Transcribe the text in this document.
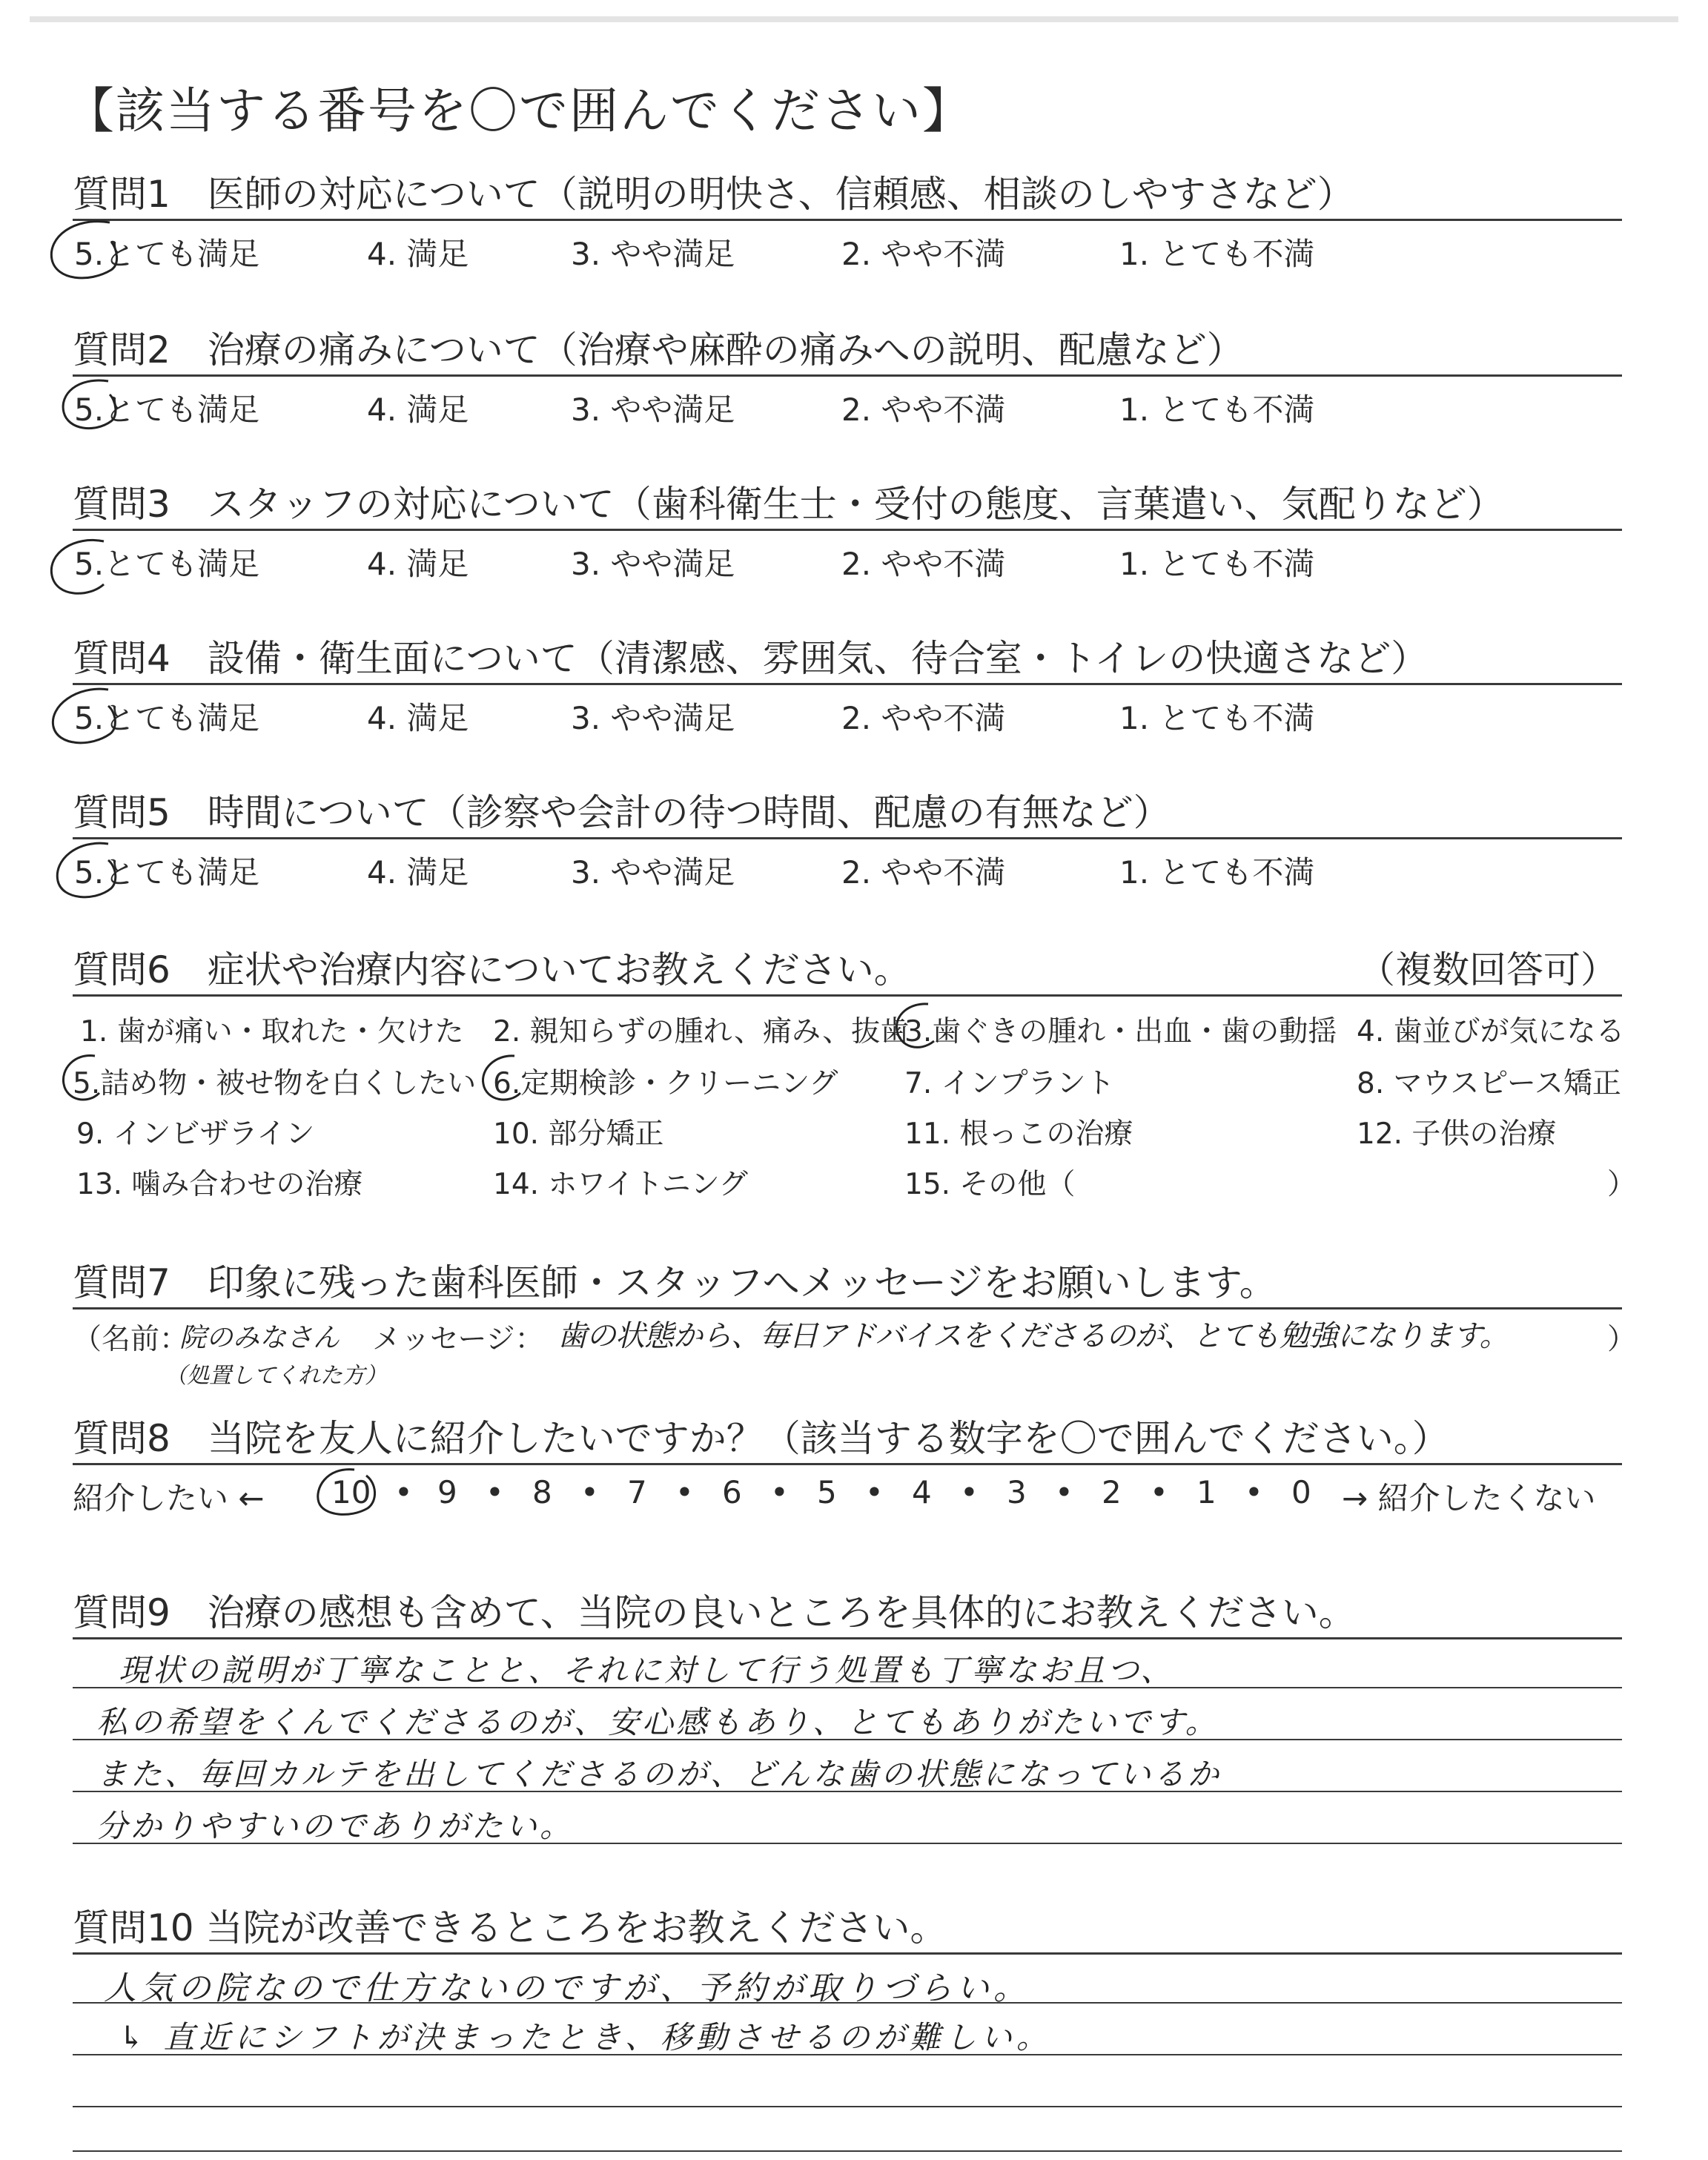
【該当する番号を〇で囲んでください】
質問1　医師の対応について（説明の明快さ、信頼感、相談のしやすさなど）
5.とても満足	4. 満足	3. やや満足	2. やや不満	1. とても不満
質問2　治療の痛みについて（治療や麻酔の痛みへの説明、配慮など）
5.とても満足	4. 満足	3. やや満足	2. やや不満	1. とても不満
質問3　スタッフの対応について（歯科衛生士・受付の態度、言葉遣い、気配りなど）
5.とても満足	4. 満足	3. やや満足	2. やや不満	1. とても不満
質問4　設備・衛生面について（清潔感、雰囲気、待合室・トイレの快適さなど）
5.とても満足	4. 満足	3. やや満足	2. やや不満	1. とても不満
質問5　時間について（診察や会計の待つ時間、配慮の有無など）
5.とても満足	4. 満足	3. やや満足	2. やや不満	1. とても不満
質問6　症状や治療内容についてお教えください。	（複数回答可）
1. 歯が痛い・取れた・欠けた 2. 親知らずの腫れ、痛み、抜歯
3.歯ぐきの腫れ・出血・歯の動揺 4. 歯並びが気になる
5.詰め物・被せ物を白くしたい 6.定期検診・クリーニング 7. インプラント	8. マウスピース矯正
9. インビザライン	10. 部分矯正	11. 根っこの治療	12. 子供の治療
13. 噛み合わせの治療	14. ホワイトニング	15. その他（	）
質問7　印象に残った歯科医師・スタッフへメッセージをお願いします。
（名前：
院のみなさん
（処置してくれた方）
メッセージ： 歯の状態から、毎日アドバイスをくださるのが、とても勉強になります。	）
質問8　当院を友人に紹介したいですか？（該当する数字を〇で囲んでください。）
紹介したい ← 10 • 9 • 8 • 7 • 6 • 5 • 4 • 3 • 2 • 1 • 0 → 紹介したくない
質問9　治療の感想も含めて、当院の良いところを具体的にお教えください。
現状の説明が丁寧なことと、それに対して行う処置も丁寧なお且つ、
私の希望をくんでくださるのが、安心感もあり、とてもありがたいです。
また、毎回カルテを出してくださるのが、どんな歯の状態になっているか
分かりやすいのでありがたい。
質問10 当院が改善できるところをお教えください。
人気の院なので仕方ないのですが、予約が取りづらい。
↳ 直近にシフトが決まったとき、移動させるのが難しい。
